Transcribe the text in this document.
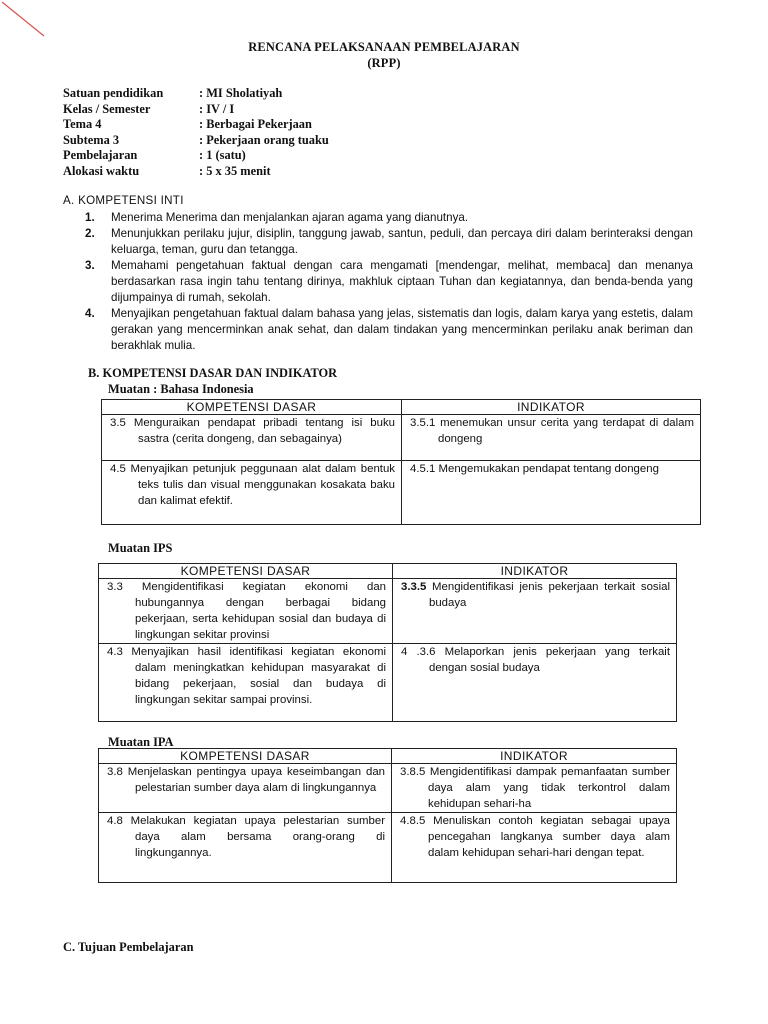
RENCANA PELAKSANAAN PEMBELAJARAN
(RPP)
Satuan pendidikan	: MI Sholatiyah
Kelas / Semester	: IV / I
Tema 4	: Berbagai Pekerjaan
Subtema 3	: Pekerjaan orang tuaku
Pembelajaran	: 1 (satu)
Alokasi waktu	: 5 x 35 menit
A. KOMPETENSI INTI
1.	Menerima Menerima dan menjalankan ajaran agama yang dianutnya.
2.	Menunjukkan perilaku jujur, disiplin, tanggung jawab, santun, peduli, dan percaya diri dalam berinteraksi dengan keluarga, teman, guru dan tetangga.
3.	Memahami pengetahuan faktual dengan cara mengamati [mendengar, melihat, membaca] dan menanya berdasarkan rasa ingin tahu tentang dirinya, makhluk ciptaan Tuhan dan kegiatannya, dan benda-benda yang dijumpainya di rumah, sekolah.
4.	Menyajikan pengetahuan faktual dalam bahasa yang jelas, sistematis dan logis, dalam karya yang estetis, dalam gerakan yang mencerminkan anak sehat, dan dalam tindakan yang mencerminkan perilaku anak beriman dan berakhlak mulia.
B. KOMPETENSI DASAR DAN INDIKATOR
Muatan : Bahasa Indonesia
KOMPETENSI DASAR	INDIKATOR

3.5 Menguraikan pendapat pribadi tentang isi buku sastra (cerita dongeng, dan sebagainya)	3.5.1 menemukan unsur cerita yang terdapat di dalam dongeng

4.5 Menyajikan petunjuk peggunaan alat dalam bentuk teks tulis dan visual menggunakan kosakata baku dan kalimat efektif.	4.5.1 Mengemukakan pendapat tentang dongeng
Muatan IPS
KOMPETENSI DASAR	INDIKATOR

3.3 Mengidentifikasi kegiatan ekonomi dan hubungannya dengan berbagai bidang pekerjaan, serta kehidupan sosial dan budaya di lingkungan sekitar provinsi	3.3.5 Mengidentifikasi jenis pekerjaan terkait sosial budaya

4.3 Menyajikan hasil identifikasi kegiatan ekonomi dalam meningkatkan kehidupan masyarakat di bidang pekerjaan, sosial dan budaya di lingkungan sekitar sampai provinsi.	4 .3.6 Melaporkan jenis pekerjaan yang terkait dengan sosial budaya
Muatan IPA
KOMPETENSI DASAR	INDIKATOR

3.8 Menjelaskan pentingya upaya keseimbangan dan pelestarian sumber daya alam di lingkungannya	3.8.5 Mengidentifikasi dampak pemanfaatan sumber daya alam yang tidak terkontrol dalam kehidupan sehari-ha

4.8 Melakukan kegiatan upaya pelestarian sumber daya alam bersama orang-orang di lingkungannya.	4.8.5 Menuliskan contoh kegiatan sebagai upaya pencegahan langkanya sumber daya alam dalam kehidupan sehari-hari dengan tepat.
C. Tujuan Pembelajaran
